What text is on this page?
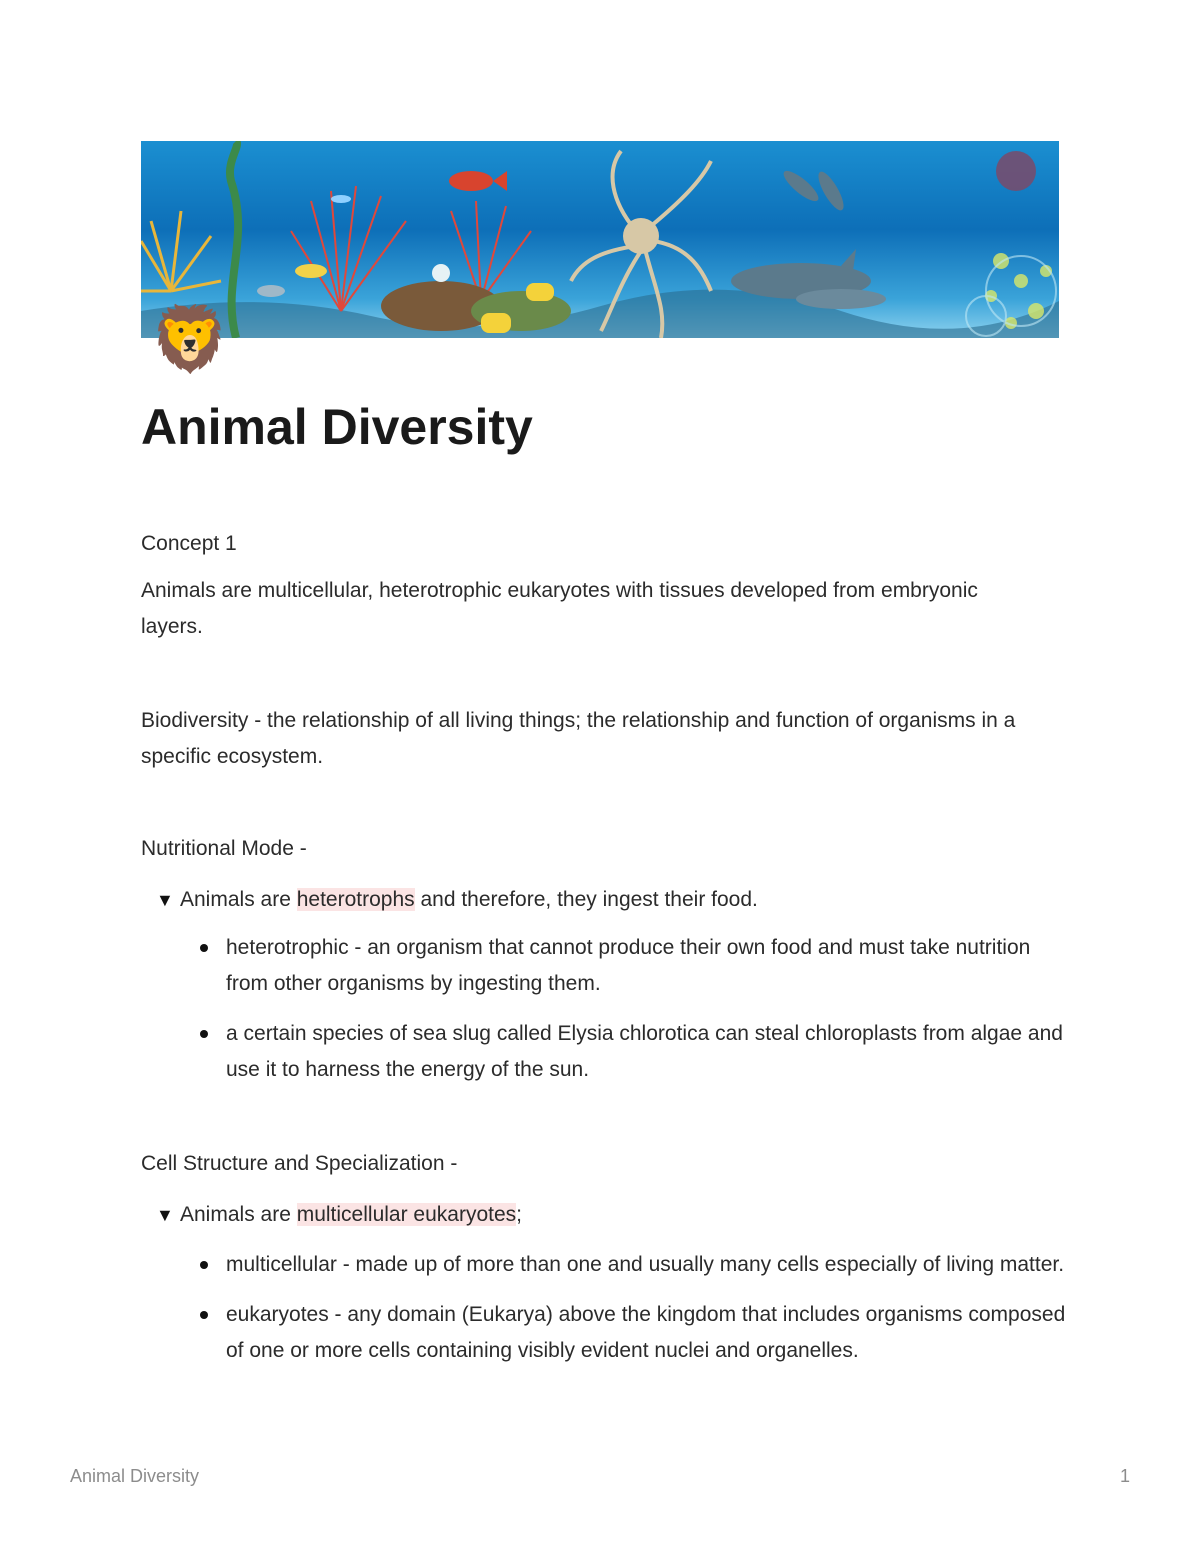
🦁
Animal Diversity

Concept 1

Animals are multicellular, heterotrophic eukaryotes with tissues developed from embryonic layers.

Biodiversity - the relationship of all living things; the relationship and function of organisms in a specific ecosystem.

Nutritional Mode -

▼ Animals are heterotrophs and therefore, they ingest their food.
heterotrophic - an organism that cannot produce their own food and must take nutrition from other organisms by ingesting them.
a certain species of sea slug called Elysia chlorotica can steal chloroplasts from algae and use it to harness the energy of the sun.

Cell Structure and Specialization -

▼ Animals are multicellular eukaryotes;
multicellular - made up of more than one and usually many cells especially of living matter.
eukaryotes - any domain (Eukarya) above the kingdom that includes organisms composed of one or more cells containing visibly evident nuclei and organelles.
Animal Diversity	1
